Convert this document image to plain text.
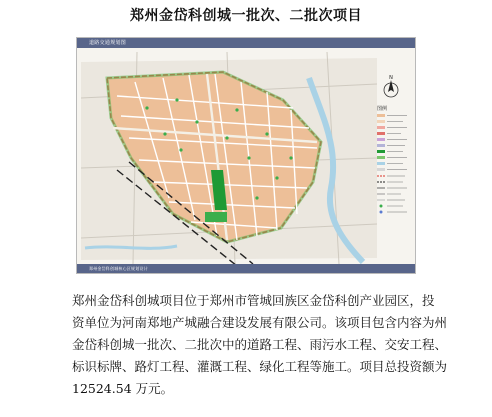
郑州金岱科创城一批次、二批次项目
N
图例
道路交通规划图
郑州金岱科创城核心区规划设计

郑州金岱科创城项目位于郑州市管城回族区金岱科创产业园区，投

资单位为河南郑地产城融合建设发展有限公司。该项目包含内容为州

金岱科创城一批次、二批次中的道路工程、雨污水工程、交安工程、

标识标牌、路灯工程、灌溉工程、绿化工程等施工。项目总投资额为

12524.54 万元。
